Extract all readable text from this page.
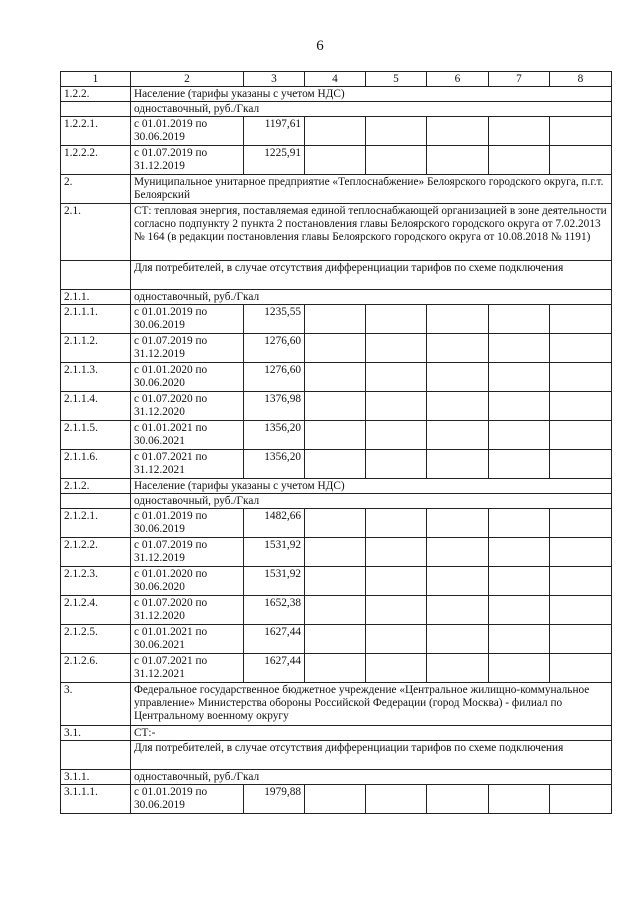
6
1	2	3	4	5	6	7	8
1.2.2.	Население (тарифы указаны с учетом НДС)						
	одноставочный, руб./Гкал						
1.2.2.1.	с 01.01.2019 по 30.06.2019	1197,61					
1.2.2.2.	с 01.07.2019 по 31.12.2019	1225,91					
2.	Муниципальное унитарное предприятие «Теплоснабжение» Белоярского городского округа, п.г.т. Белоярский						
2.1.	СТ: тепловая энергия, поставляемая единой теплоснабжающей организацией в зоне деятельности согласно подпункту 2 пункта 2 постановления главы Белоярского городского округа от 7.02.2013 № 164 (в редакции постановления главы Белоярского городского округа от 10.08.2018 № 1191)						
	Для потребителей, в случае отсутствия дифференциации тарифов по схеме подключения						
2.1.1.	одноставочный, руб./Гкал						
2.1.1.1.	с 01.01.2019 по 30.06.2019	1235,55					
2.1.1.2.	с 01.07.2019 по 31.12.2019	1276,60					
2.1.1.3.	с 01.01.2020 по 30.06.2020	1276,60					
2.1.1.4.	с 01.07.2020 по 31.12.2020	1376,98					
2.1.1.5.	с 01.01.2021 по 30.06.2021	1356,20					
2.1.1.6.	с 01.07.2021 по 31.12.2021	1356,20					
2.1.2.	Население (тарифы указаны с учетом НДС)						
	одноставочный, руб./Гкал						
2.1.2.1.	с 01.01.2019 по 30.06.2019	1482,66					
2.1.2.2.	с 01.07.2019 по 31.12.2019	1531,92					
2.1.2.3.	с 01.01.2020 по 30.06.2020	1531,92					
2.1.2.4.	с 01.07.2020 по 31.12.2020	1652,38					
2.1.2.5.	с 01.01.2021 по 30.06.2021	1627,44					
2.1.2.6.	с 01.07.2021 по 31.12.2021	1627,44					
3.	Федеральное государственное бюджетное учреждение «Центральное жилищно-коммунальное управление» Министерства обороны Российской Федерации (город Москва) - филиал по Центральному военному округу						
3.1.	СТ:-						
	Для потребителей, в случае отсутствия дифференциации тарифов по схеме подключения						
3.1.1.	одноставочный, руб./Гкал						
3.1.1.1.	с 01.01.2019 по 30.06.2019	1979,88					
